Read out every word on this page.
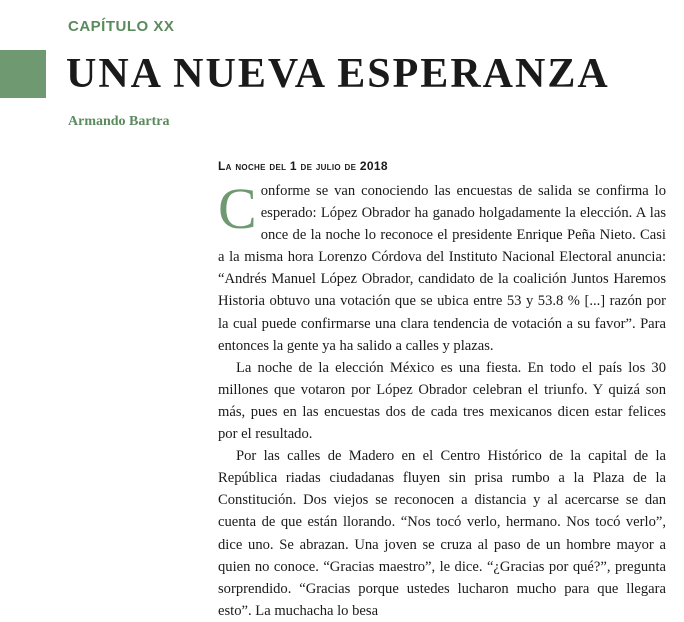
CAPÍTULO XX
UNA NUEVA ESPERANZA
Armando Bartra
La noche del 1 de julio de 2018

Conforme se van conociendo las encuestas de salida se confirma lo esperado: López Obrador ha ganado holgadamente la elección. A las once de la noche lo reconoce el presidente Enrique Peña Nieto. Casi a la misma hora Lorenzo Córdova del Instituto Nacional Electoral anuncia: “Andrés Manuel López Obrador, candidato de la coalición Juntos Haremos Historia obtuvo una votación que se ubica entre 53 y 53.8 % [...] razón por la cual puede confirmarse una clara tendencia de votación a su favor”. Para entonces la gente ya ha salido a calles y plazas.

La noche de la elección México es una fiesta. En todo el país los 30 millones que votaron por López Obrador celebran el triunfo. Y quizá son más, pues en las encuestas dos de cada tres mexicanos dicen estar felices por el resultado.

Por las calles de Madero en el Centro Histórico de la capital de la República riadas ciudadanas fluyen sin prisa rumbo a la Plaza de la Constitución. Dos viejos se reconocen a distancia y al acercarse se dan cuenta de que están llorando. “Nos tocó verlo, hermano. Nos tocó verlo”, dice uno. Se abrazan. Una joven se cruza al paso de un hombre mayor a quien no conoce. “Gracias maestro”, le dice. “¿Gracias por qué?”, pregunta sorprendido. “Gracias porque ustedes lucharon mucho para que llegara esto”. La muchacha lo besa
